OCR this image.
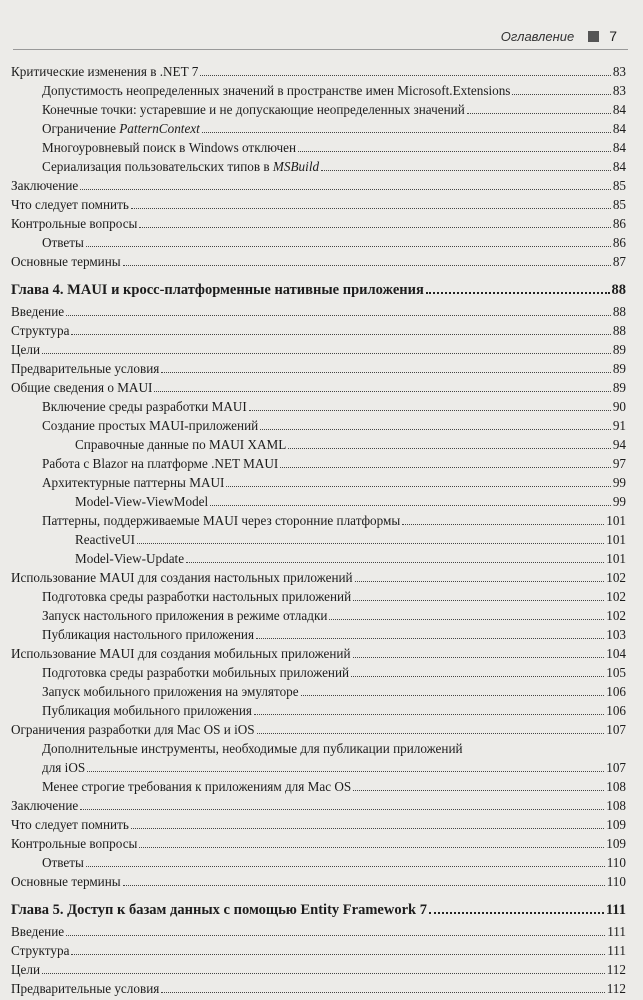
Оглавление	7
Критические изменения в .NET 7	83
Допустимость неопределенных значений в пространстве имен Microsoft.Extensions	83
Конечные точки: устаревшие и не допускающие неопределенных значений	84
Ограничение PatternContext	84
Многоуровневый поиск в Windows отключен	84
Сериализация пользовательских типов в MSBuild	84
Заключение	85
Что следует помнить	85
Контрольные вопросы	86
Ответы	86
Основные термины	87
Глава 4. MAUI и кросс-платформенные нативные приложения	88
Введение	88
Структура	88
Цели	89
Предварительные условия	89
Общие сведения о MAUI	89
Включение среды разработки MAUI	90
Создание простых MAUI-приложений	91
Справочные данные по MAUI XAML	94
Работа с Blazor на платформе .NET MAUI	97
Архитектурные паттерны MAUI	99
Model-View-ViewModel	99
Паттерны, поддерживаемые MAUI через сторонние платформы	101
ReactiveUI	101
Model-View-Update	101
Использование MAUI для создания настольных приложений	102
Подготовка среды разработки настольных приложений	102
Запуск настольного приложения в режиме отладки	102
Публикация настольного приложения	103
Использование MAUI для создания мобильных приложений	104
Подготовка среды разработки мобильных приложений	105
Запуск мобильного приложения на эмуляторе	106
Публикация мобильного приложения	106
Ограничения разработки для Mac OS и iOS	107
Дополнительные инструменты, необходимые для публикации приложений
для iOS	107
Менее строгие требования к приложениям для Mac OS	108
Заключение	108
Что следует помнить	109
Контрольные вопросы	109
Ответы	110
Основные термины	110
Глава 5. Доступ к базам данных с помощью Entity Framework 7	111
Введение	111
Структура	111
Цели	112
Предварительные условия	112
